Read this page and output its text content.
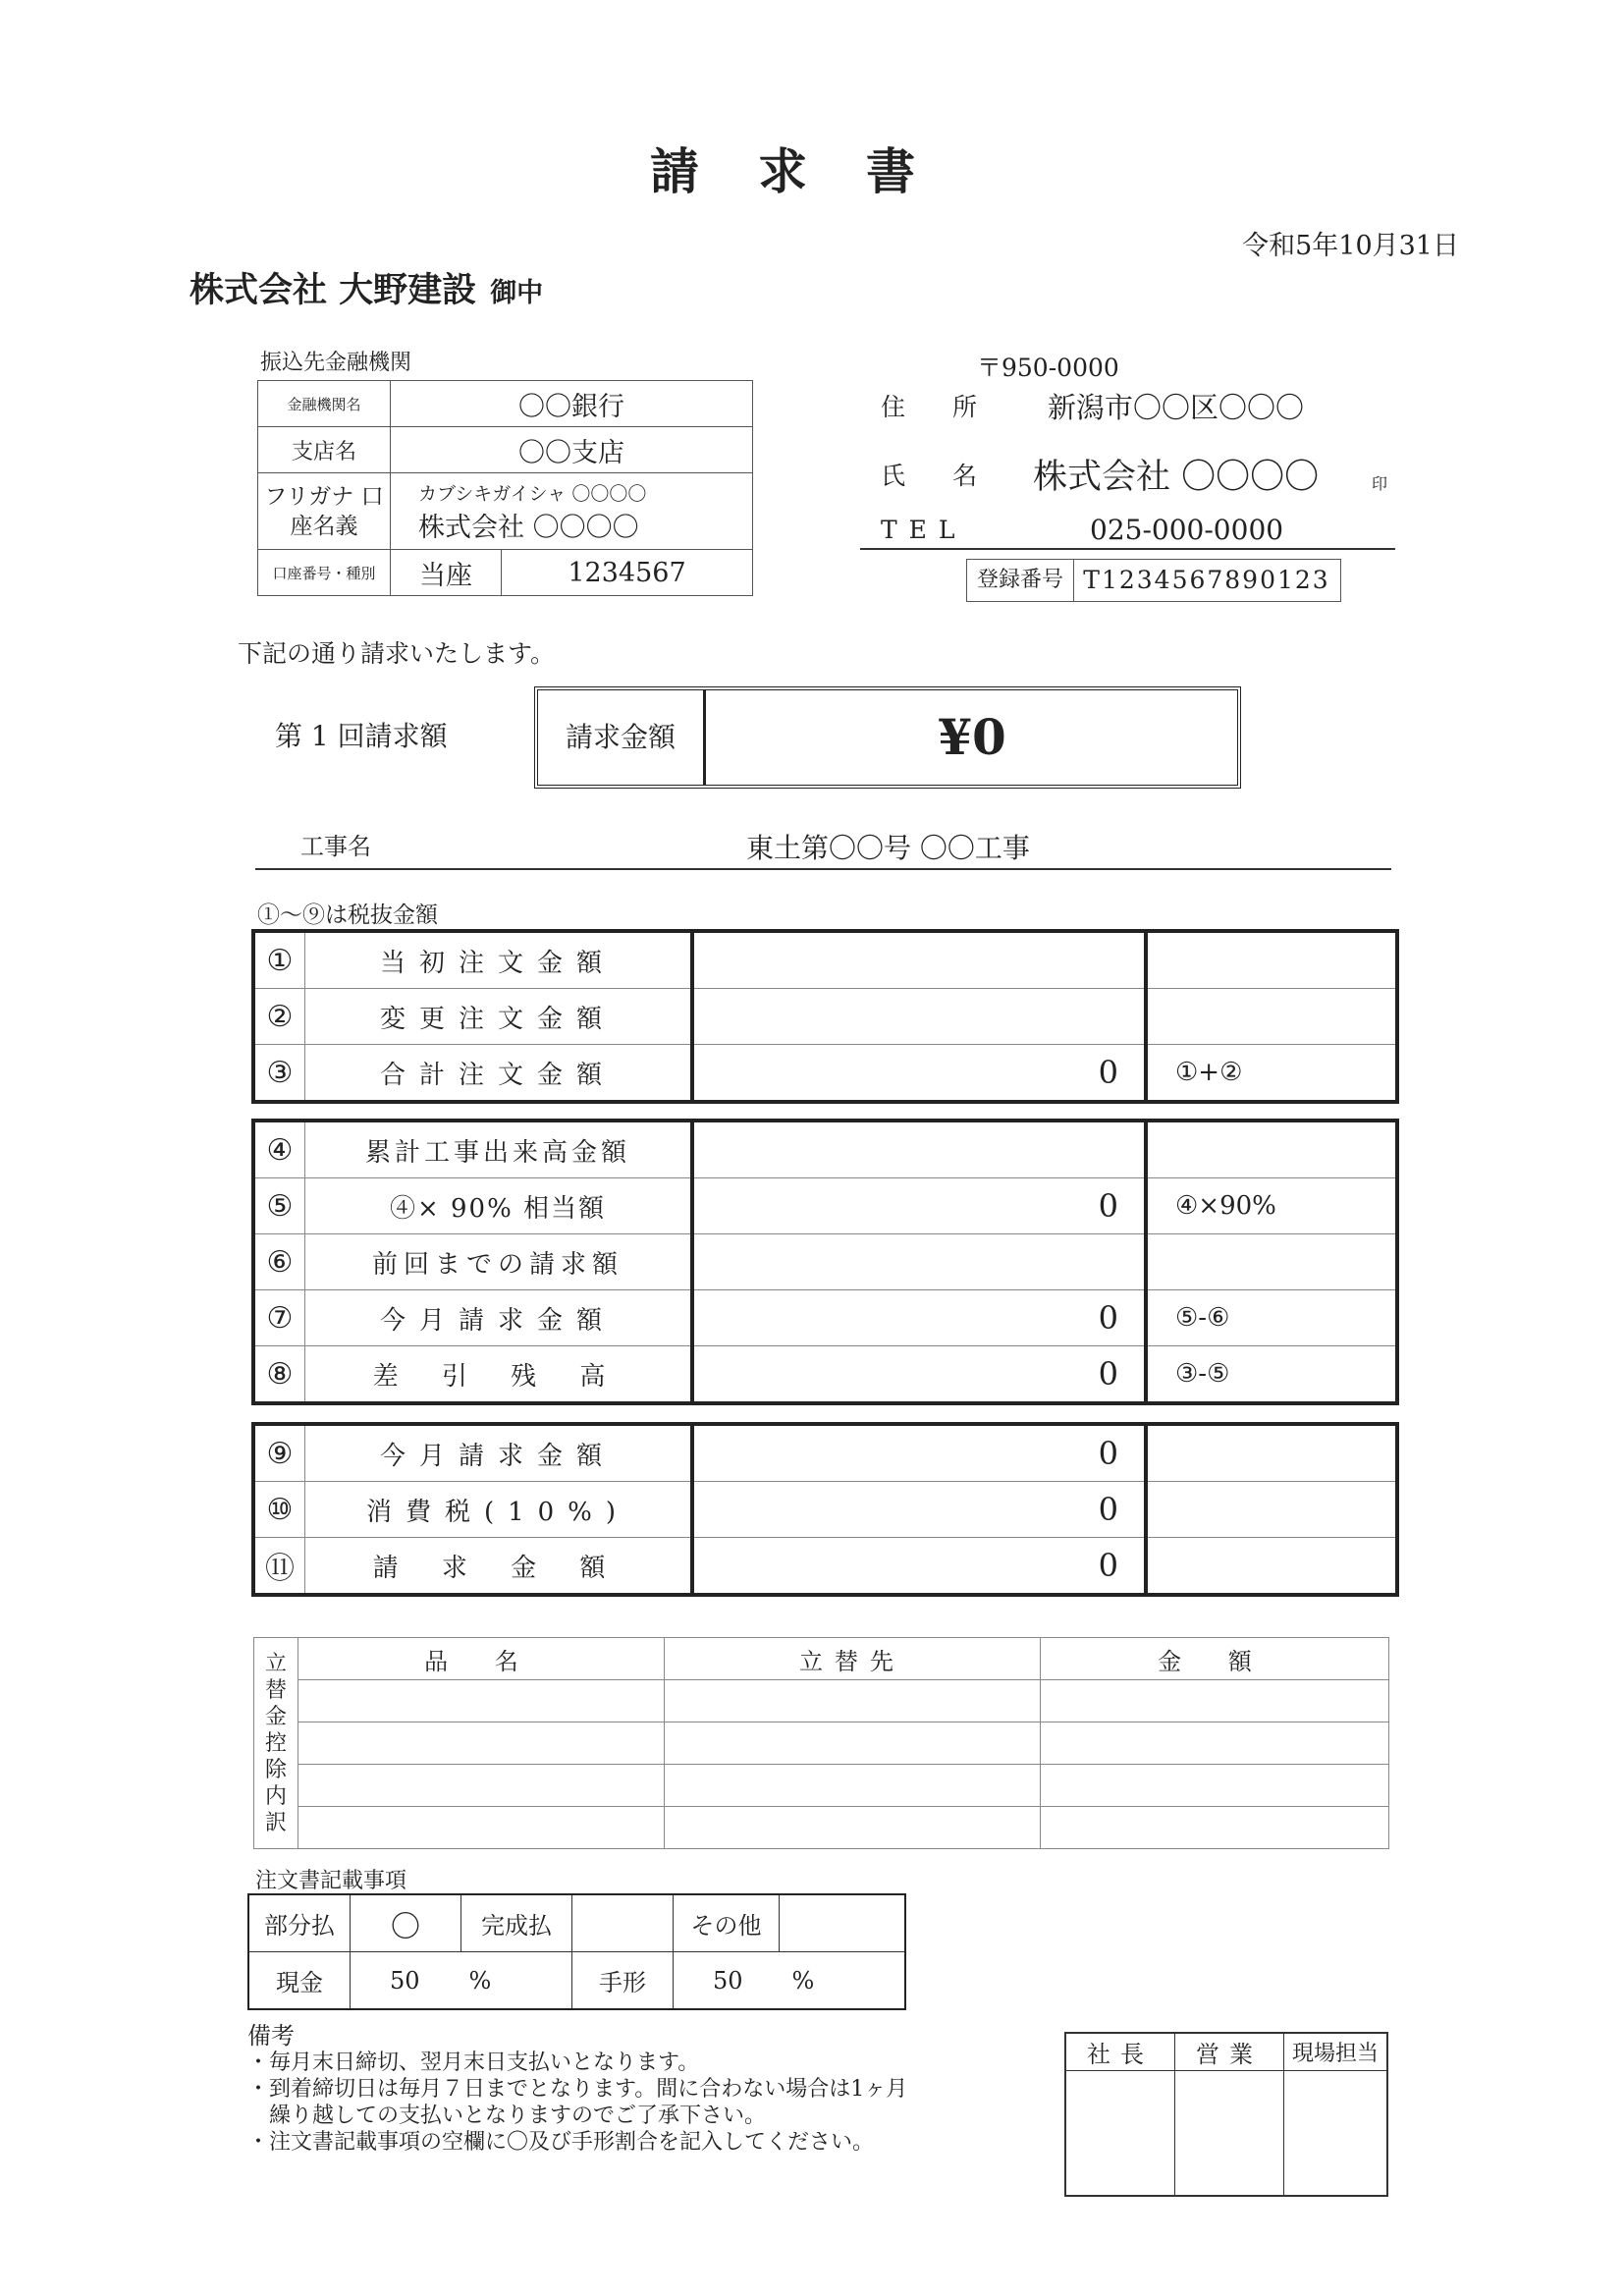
請求書
令和5年10月31日
株式会社 大野建設 御中
振込先金融機関
金融機関名	〇〇銀行	
支店名	〇〇支店	
フリガナ 口座名義	カブシキガイシャ 〇〇〇〇
株式会社 〇〇〇〇	
口座番号・種別	当座	1234567
〒950-0000
住 所 新潟市〇〇区〇〇〇
氏 名 株式会社 〇〇〇〇	印
TEL	025-000-0000
登録番号 T1234567890123
下記の通り請求いたします。
第 1 回請求額	請求金額	¥0
工事名	東土第〇〇号 〇〇工事
①～⑨は税抜金額
①	当初注文金額		
②	変更注文金額		
③	合計注文金額	0	①+②
④	累計工事出来高金額		
⑤	④× 90% 相当額	0	④×90%
⑥	前回までの請求額		
⑦	今月請求金額	0	⑤-⑥
⑧	差 引 残 高	0	③-⑤
⑨	今月請求金額	0	
⑩	消費税(10%)	0	
⑪	請 求 金 額	0	
立替金控除内訳	品 名	立替先	金 額

注文書記載事項
部分払	〇	完成払		その他	
現金	50 %		手形	50 %	
備考
・毎月末日締切、翌月末日支払いとなります。
・到着締切日は毎月７日までとなります。間に合わない場合は1ヶ月
　繰り越しての支払いとなりますのでご了承下さい。
・注文書記載事項の空欄に〇及び手形割合を記入してください。
社長	営業	現場担当
